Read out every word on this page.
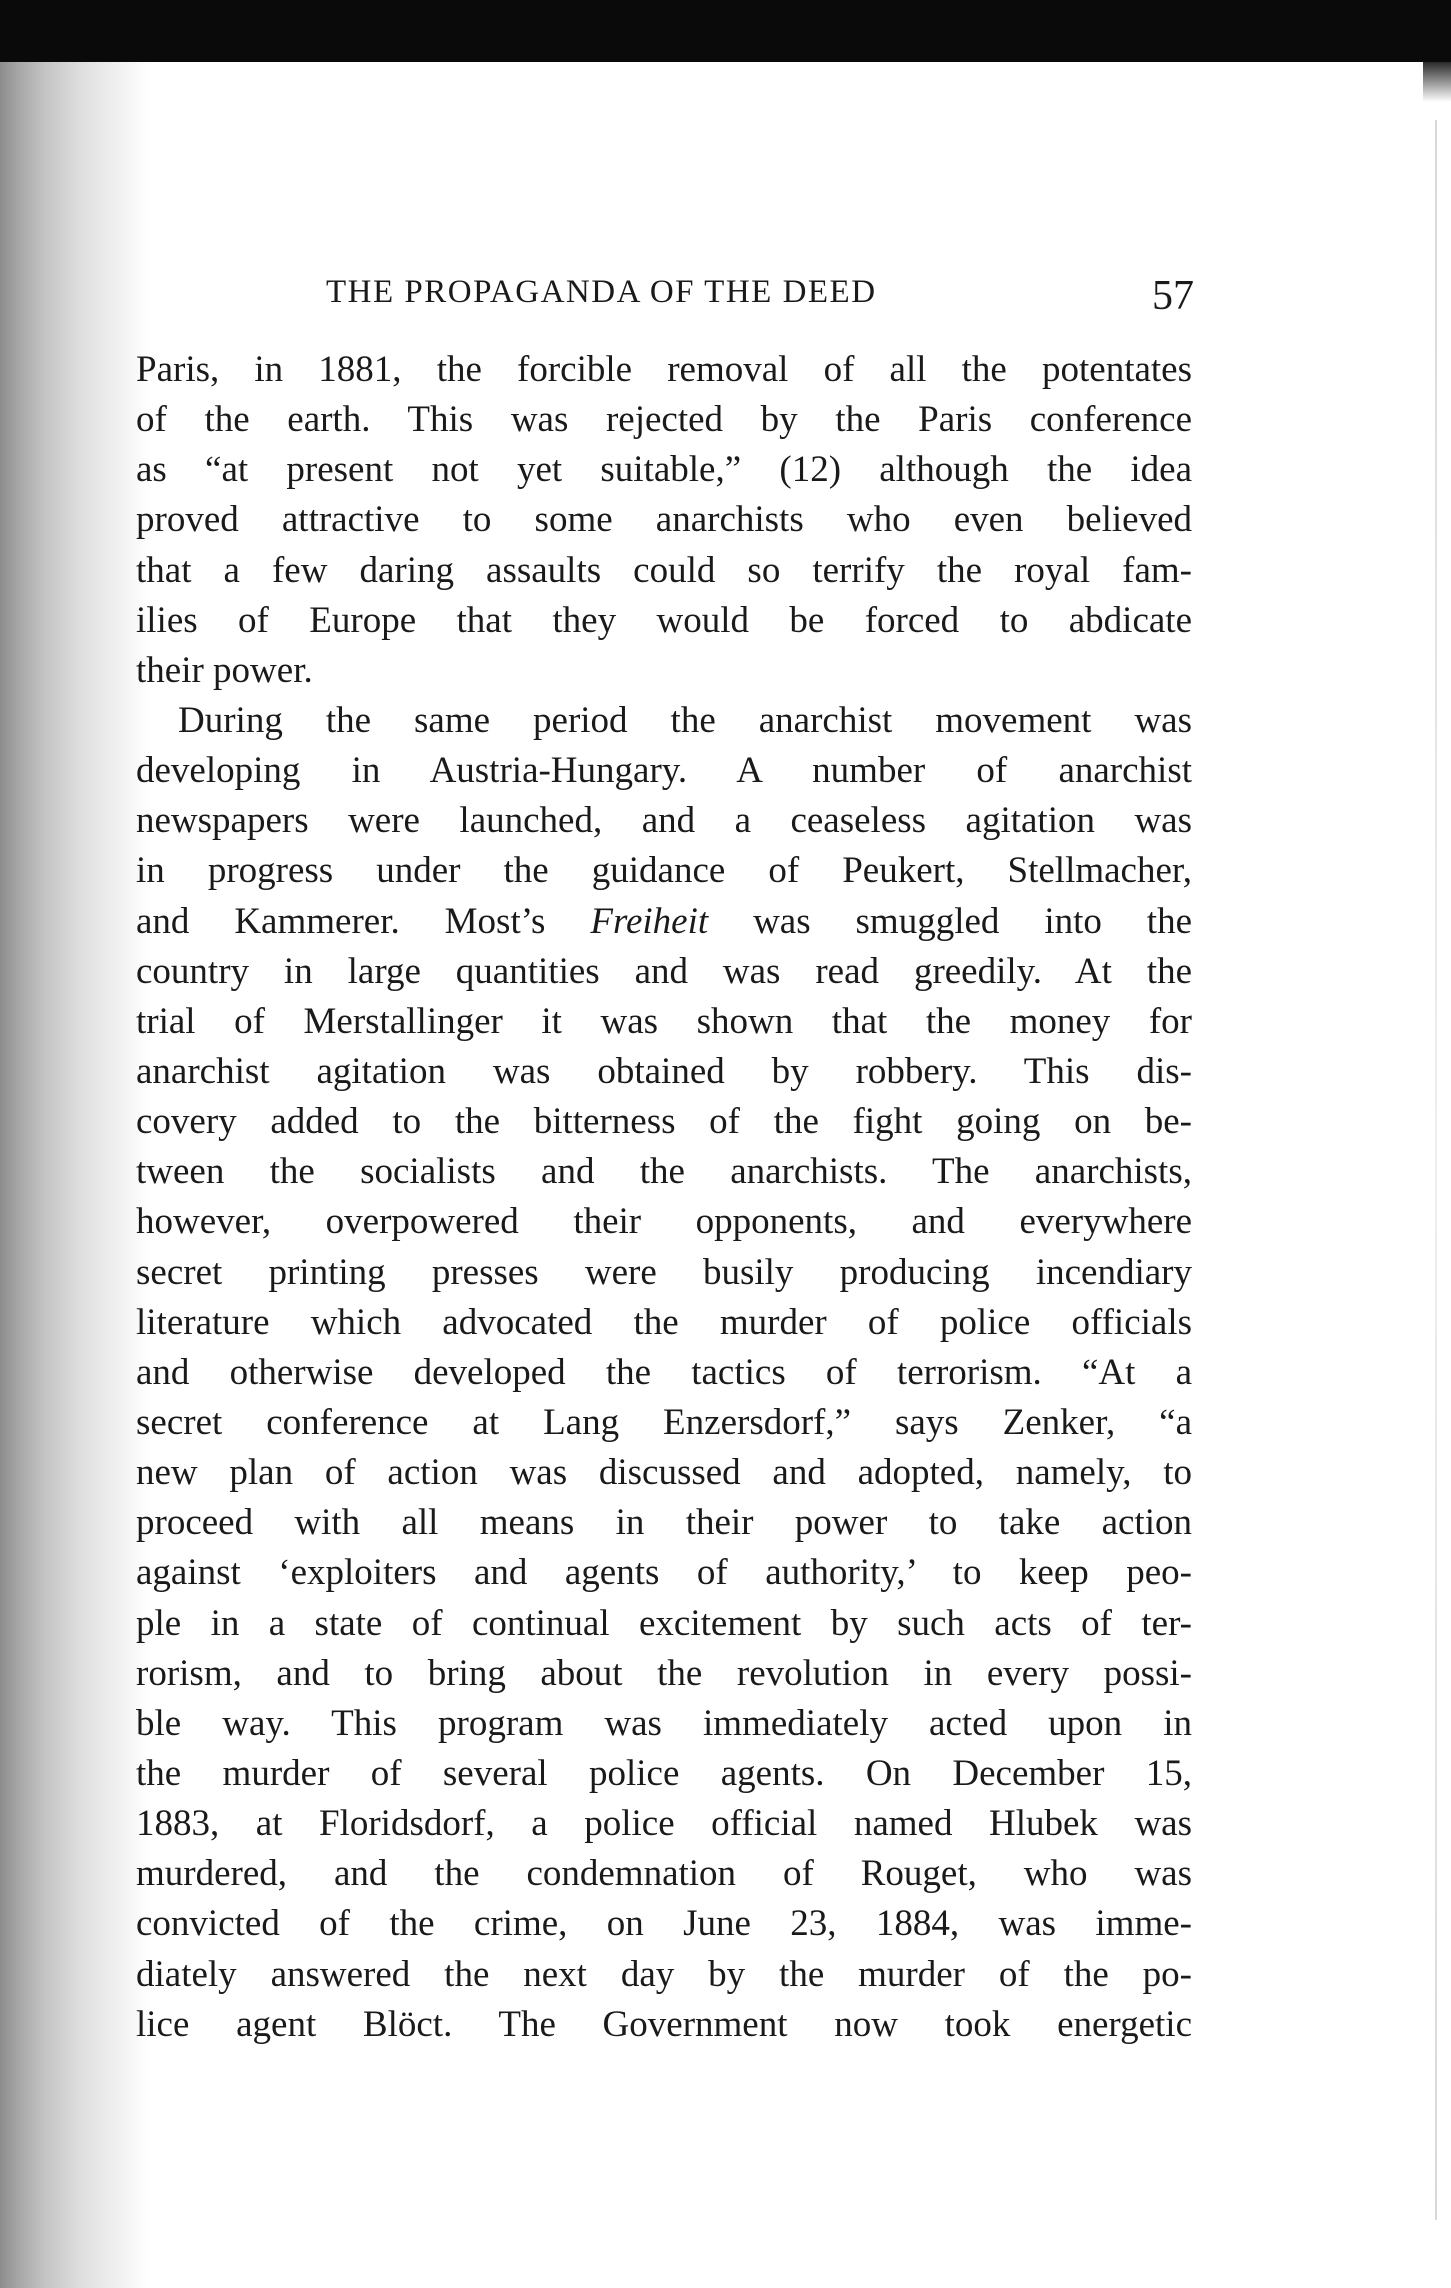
THE PROPAGANDA OF THE DEED	57
Paris, in 1881, the forcible removal of all the potentates
of the earth. This was rejected by the Paris conference
as “at present not yet suitable,” (12) although the idea
proved attractive to some anarchists who even believed
that a few daring assaults could so terrify the royal fam-
ilies of Europe that they would be forced to abdicate
their power.
During the same period the anarchist movement was
developing in Austria-Hungary. A number of anarchist
newspapers were launched, and a ceaseless agitation was
in progress under the guidance of Peukert, Stellmacher,
and Kammerer. Most’s Freiheit was smuggled into the
country in large quantities and was read greedily. At the
trial of Merstallinger it was shown that the money for
anarchist agitation was obtained by robbery. This dis-
covery added to the bitterness of the fight going on be-
tween the socialists and the anarchists. The anarchists,
however, overpowered their opponents, and everywhere
secret printing presses were busily producing incendiary
literature which advocated the murder of police officials
and otherwise developed the tactics of terrorism. “At a
secret conference at Lang Enzersdorf,” says Zenker, “a
new plan of action was discussed and adopted, namely, to
proceed with all means in their power to take action
against ‘exploiters and agents of authority,’ to keep peo-
ple in a state of continual excitement by such acts of ter-
rorism, and to bring about the revolution in every possi-
ble way. This program was immediately acted upon in
the murder of several police agents. On December 15,
1883, at Floridsdorf, a police official named Hlubek was
murdered, and the condemnation of Rouget, who was
convicted of the crime, on June 23, 1884, was imme-
diately answered the next day by the murder of the po-
lice agent Blöct. The Government now took energetic
